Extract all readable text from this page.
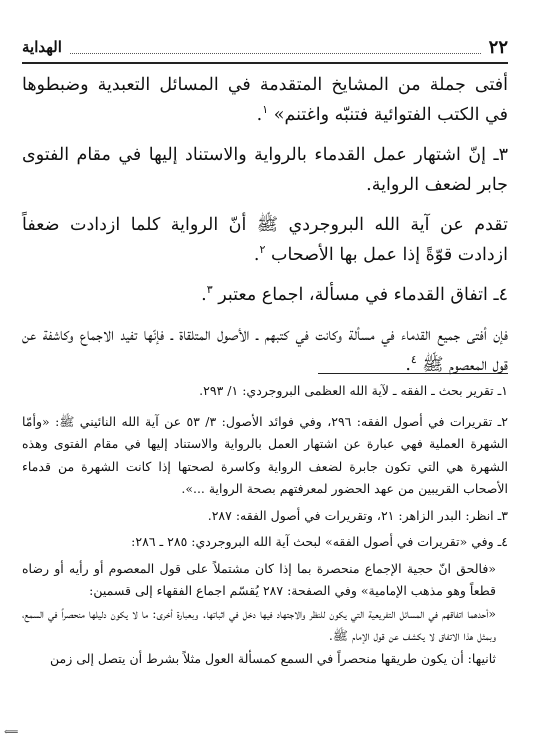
٢٢
الهداية

أفتى جملة من المشايخ المتقدمة في المسائل التعبدية وضبطوها في الكتب الفتوائية فتنبّه واغتنم» $^١$.

٣ـ إنّ اشتهار عمل القدماء بالرواية والاستناد إليها في مقام الفتوى جابر لضعف الرواية.

تقدم عن آية الله البروجردي ﷺ أنّ الرواية كلما ازدادت ضعفاً ازدادت قوّةً إذا عمل بها الأصحاب $^٢$.

٤ـ اتفاق القدماء في مسألة، اجماع معتبر $^٣$.

فإن أفتى جميع القدماء في مسألة وكانت في كتبهم ـ الأصول المتلقاة ـ فإنّها تفيد الاجماع وكاشفة عن قول المعصوم ﷺ $^٤$.

١ـ تقرير بحث ـ الفقه ـ لآية الله العظمى البروجردي: ١/ ٢٩٣.

٢ـ تقريرات في أصول الفقه: ٢٩٦، وفي فوائد الأصول: ٣/ ٥٣ عن آية الله النائيني ﷺ: «وأمّا الشهرة العملية فهي عبارة عن اشتهار العمل بالرواية والاستناد إليها في مقام الفتوى وهذه الشهرة هي التي تكون جابرة لضعف الرواية وكاسرة لصحتها إذا كانت الشهرة من قدماء الأصحاب القريبين من عهد الحضور لمعرفتهم بصحة الرواية ...».

٣ـ انظر: البدر الزاهر: ٢١، وتقريرات في أصول الفقه: ٢٨٧.

٤ـ وفي «تقريرات في أصول الفقه» لبحث آية الله البروجردي: ٢٨٥ ـ ٢٨٦:

«فالحق انّ حجية الإجماع منحصرة بما إذا كان مشتملاً على قول المعصوم أو رأيه أو رضاه قطعاً وهو مذهب الإمامية» وفي الصفحة: ٢٨٧ يُقسّم اجماع الفقهاء إلى قسمين:

«أحدهما اتفاقهم في المسائل التفريعية التي يكون للنظر والاجتهاد فيها دخل في اثباتها. وبعبارة أخرى: ما لا يكون دليلها منحصراً في السمع، وبمثل هذا الاتفاق لا يكشف عن قول الإمام ﷺ.

ثانيها: أن يكون طريقها منحصراً في السمع كمسألة العول مثلاً بشرط أن يتصل إلى زمن

⟸
